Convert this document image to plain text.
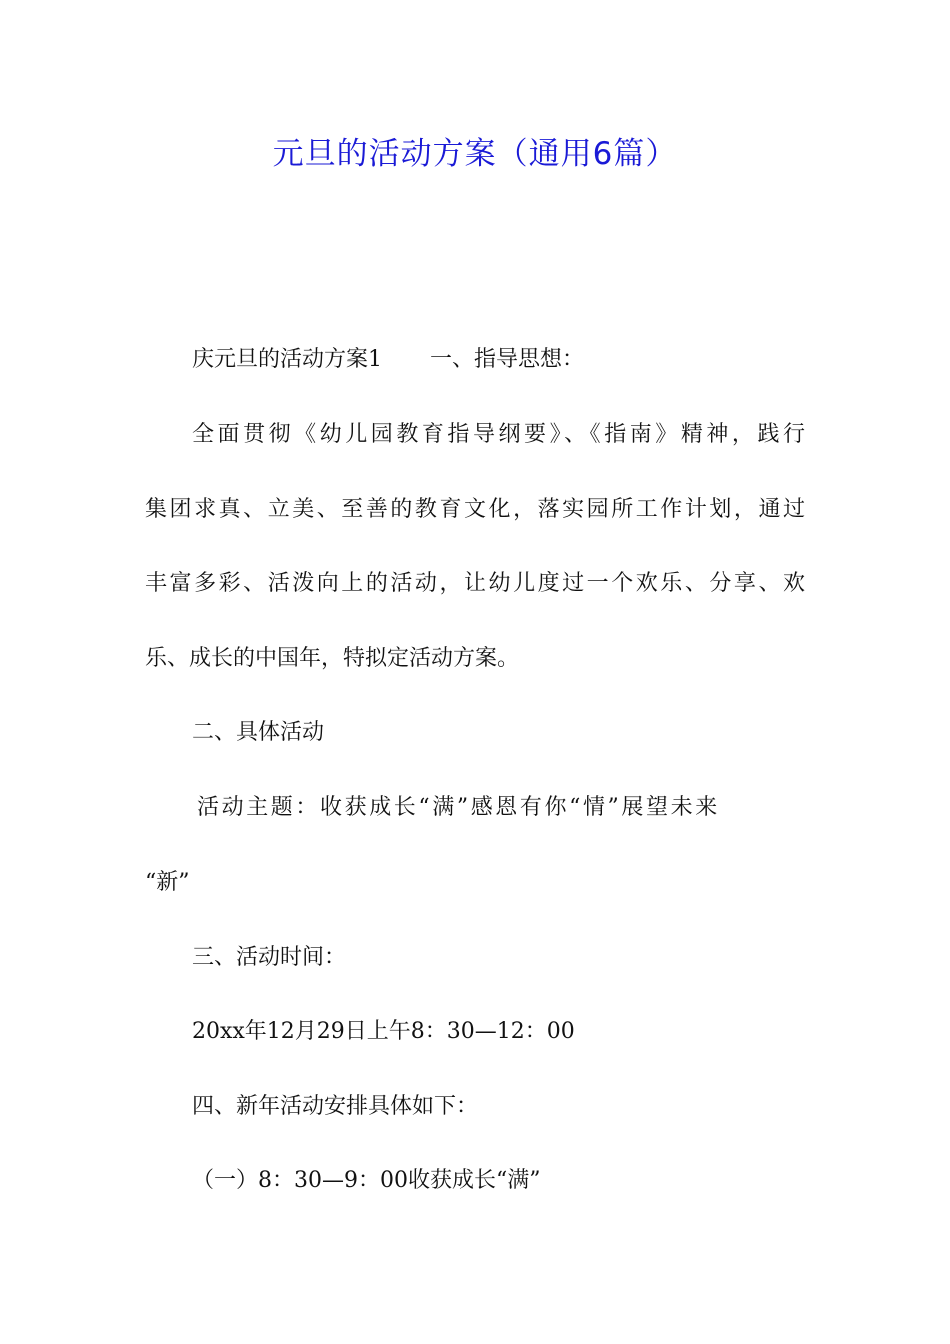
元旦的活动方案（通用6篇）
庆元旦的活动方案1 一、指导思想：
全面贯彻《幼儿园教育指导纲要》、《指南》精神，践行
集团求真、立美、至善的教育文化，落实园所工作计划，通过
丰富多彩、活泼向上的活动，让幼儿度过一个欢乐、分享、欢
乐、成长的中国年，特拟定活动方案。
二、具体活动
活动主题：收获成长“满”感恩有你“情”展望未来
“新”
三、活动时间：
20xx年12月29日上午8：30—12：00
四、新年活动安排具体如下：
（一）8：30—9：00收获成长“满”
